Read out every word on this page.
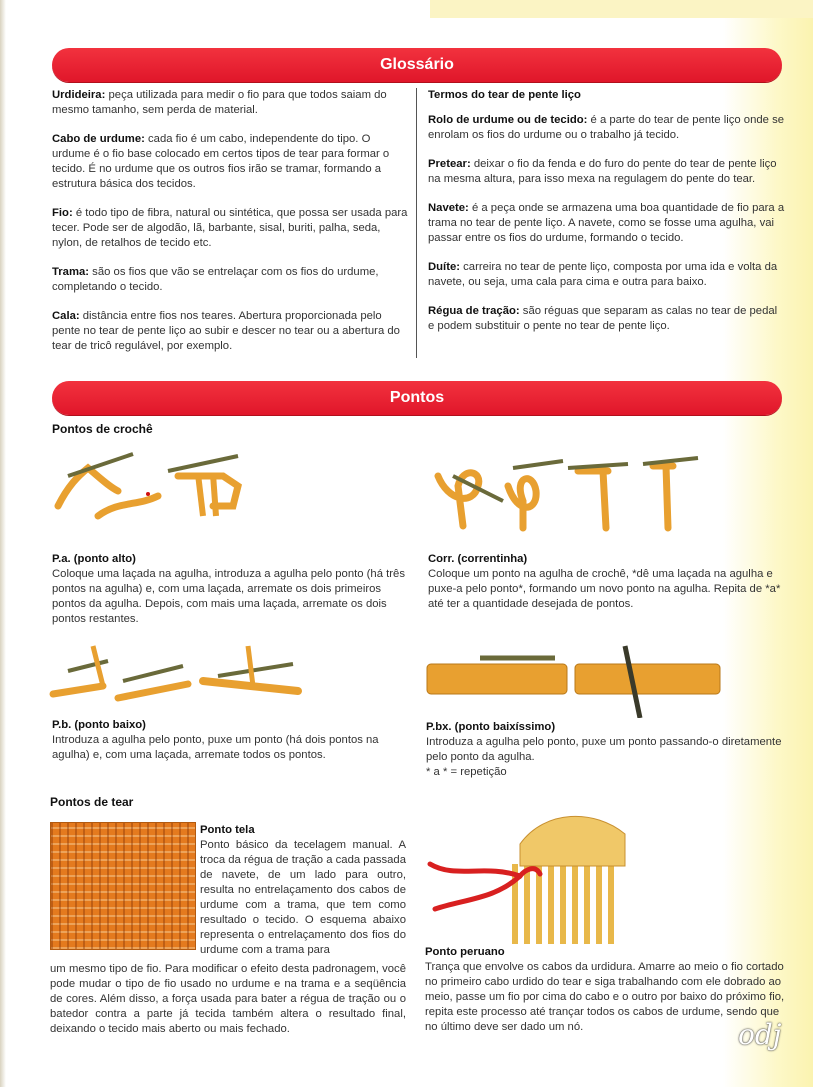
Glossário

Urdideira: peça utilizada para medir o fio para que todos saiam do mesmo tamanho, sem perda de material.

Cabo de urdume: cada fio é um cabo, independente do tipo. O urdume é o fio base colocado em certos tipos de tear para formar o tecido. É no urdume que os outros fios irão se tramar, formando a estrutura básica dos tecidos.

Fio: é todo tipo de fibra, natural ou sintética, que possa ser usada para tecer. Pode ser de algodão, lã, barbante, sisal, buriti, palha, seda, nylon, de retalhos de tecido etc.

Trama: são os fios que vão se entrelaçar com os fios do urdume, completando o tecido.

Cala: distância entre fios nos teares. Abertura proporcionada pelo pente no tear de pente liço ao subir e descer no tear ou a abertura do tear de tricô regulável, por exemplo.

Termos do tear de pente liço

Rolo de urdume ou de tecido: é a parte do tear de pente liço onde se enrolam os fios do urdume ou o trabalho já tecido.

Pretear: deixar o fio da fenda e do furo do pente do tear de pente liço na mesma altura, para isso mexa na regulagem do pente do tear.

Navete: é a peça onde se armazena uma boa quantidade de fio para a trama no tear de pente liço. A navete, como se fosse uma agulha, vai passar entre os fios do urdume, formando o tecido.

Duíte: carreira no tear de pente liço, composta por uma ida e volta da navete, ou seja, uma cala para cima e outra para baixo.

Régua de tração: são réguas que separam as calas no tear de pedal e podem substituir o pente no tear de pente liço.

Pontos
Pontos de crochê
P.a. (ponto alto)
Coloque uma laçada na agulha, introduza a agulha pelo ponto (há três pontos na agulha) e, com uma laçada, arremate os dois primeiros pontos da agulha. Depois, com mais uma laçada, arremate os dois pontos restantes.
Corr. (correntinha)
Coloque um ponto na agulha de crochê, *dê uma laçada na agulha e puxe-a pelo ponto*, formando um novo ponto na agulha. Repita de *a* até ter a quantidade desejada de pontos.
P.b. (ponto baixo)
Introduza a agulha pelo ponto, puxe um ponto (há dois pontos na agulha) e, com uma laçada, arremate todos os pontos.
P.bx. (ponto baixíssimo)
Introduza a agulha pelo ponto, puxe um ponto passando-o diretamente pelo ponto da agulha.
* a * = repetição
Pontos de tear
Ponto tela
Ponto básico da tecelagem manual. A troca da régua de tração a cada passada de navete, de um lado para outro, resulta no entrelaçamento dos cabos de urdume com a trama, que tem como resultado o tecido. O esquema abaixo representa o entrelaçamento dos fios do urdume com a trama para
um mesmo tipo de fio. Para modificar o efeito desta padronagem, você pode mudar o tipo de fio usado no urdume e na trama e a seqüência de cores. Além disso, a força usada para bater a régua de tração ou o batedor contra a parte já tecida também altera o resultado final, deixando o tecido mais aberto ou mais fechado.
Ponto peruano
Trança que envolve os cabos da urdidura. Amarre ao meio o fio cortado no primeiro cabo urdido do tear e siga trabalhando com ele dobrado ao meio, passe um fio por cima do cabo e o outro por baixo do próximo fio, repita este processo até trançar todos os cabos de urdume, sendo que no último deve ser dado um nó.	odj
